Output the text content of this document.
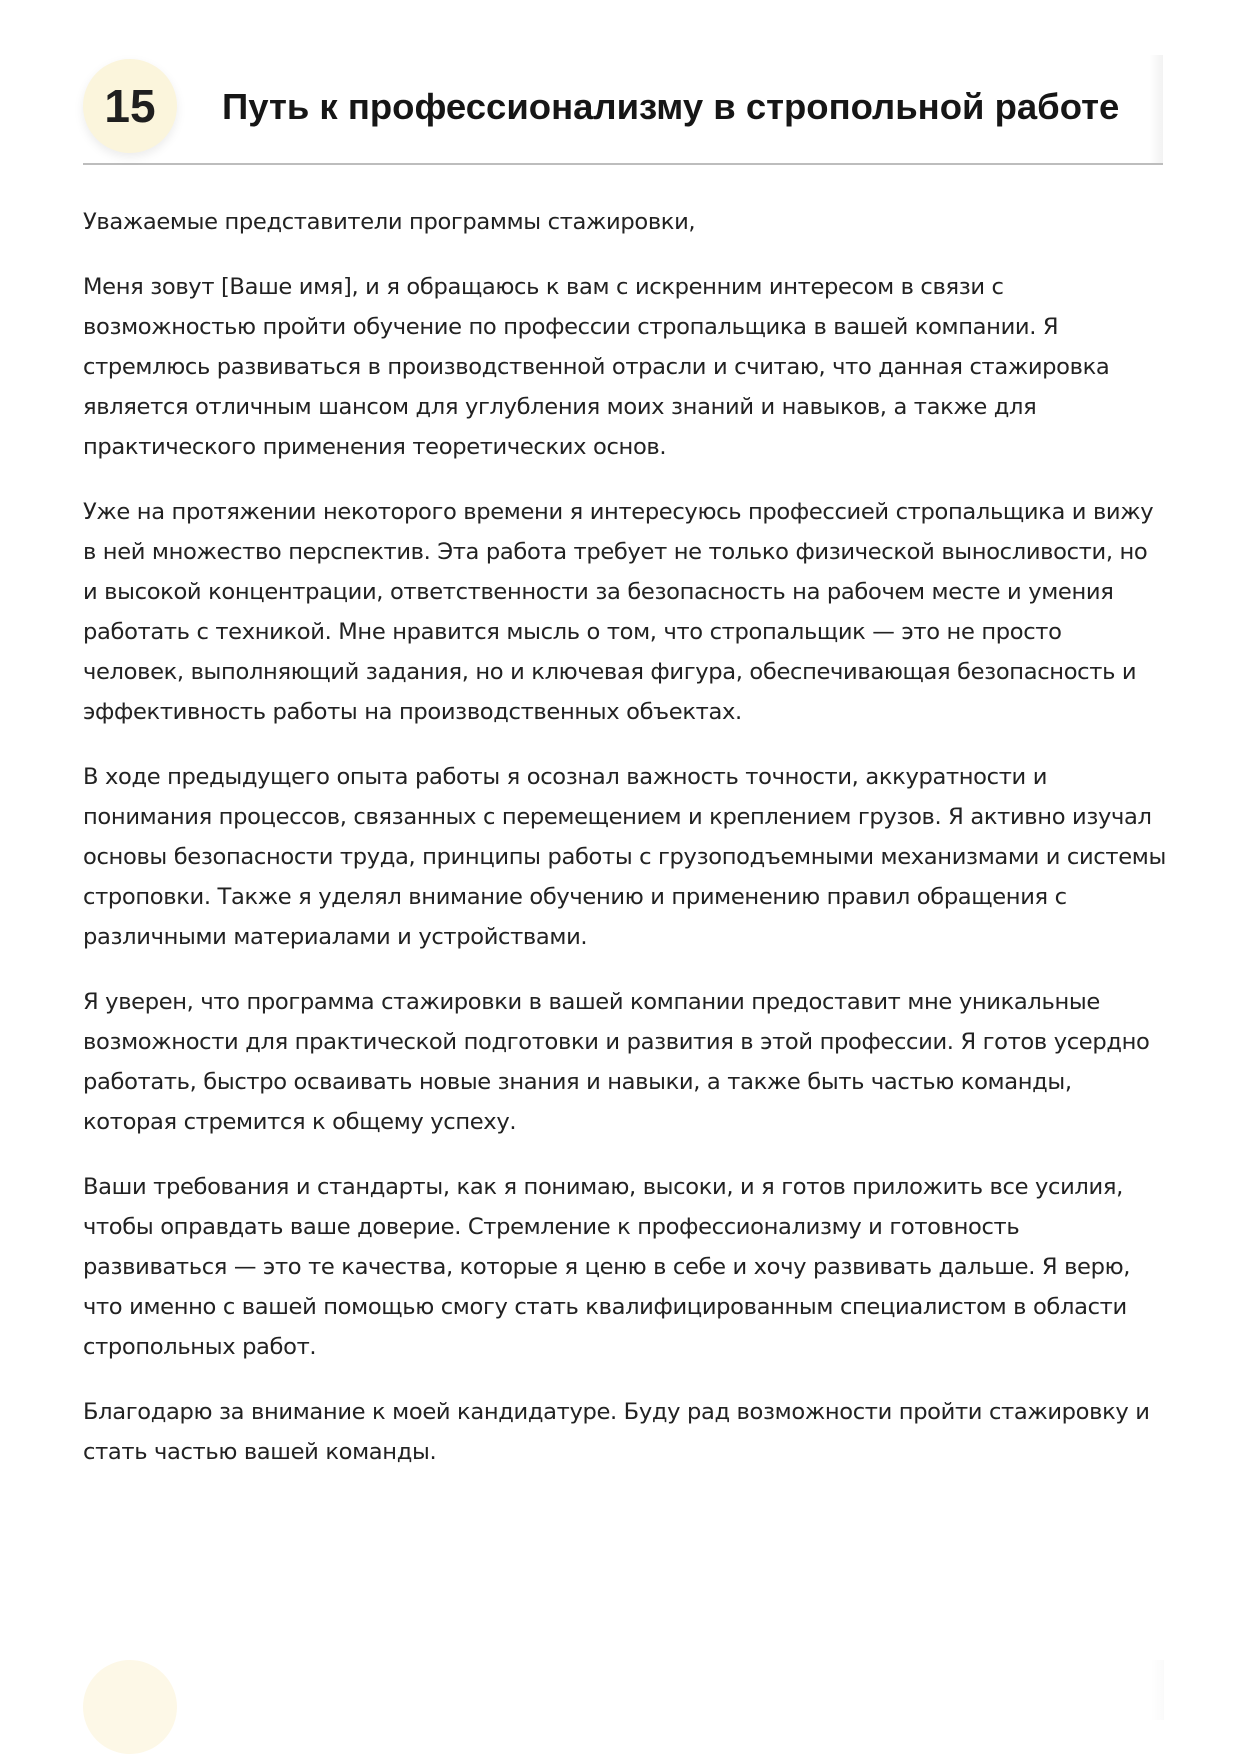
15	Путь к профессионализму в стропольной работе

Уважаемые представители программы стажировки,

Меня зовут [Ваше имя], и я обращаюсь к вам с искренним интересом в связи с возможностью пройти обучение по профессии стропальщика в вашей компании. Я стремлюсь развиваться в производственной отрасли и считаю, что данная стажировка является отличным шансом для углубления моих знаний и навыков, а также для практического применения теоретических основ.

Уже на протяжении некоторого времени я интересуюсь профессией стропальщика и вижу в ней множество перспектив. Эта работа требует не только физической выносливости, но и высокой концентрации, ответственности за безопасность на рабочем месте и умения работать с техникой. Мне нравится мысль о том, что стропальщик — это не просто человек, выполняющий задания, но и ключевая фигура, обеспечивающая безопасность и эффективность работы на производственных объектах.

В ходе предыдущего опыта работы я осознал важность точности, аккуратности и понимания процессов, связанных с перемещением и креплением грузов. Я активно изучал основы безопасности труда, принципы работы с грузоподъемными механизмами и системы строповки. Также я уделял внимание обучению и применению правил обращения с различными материалами и устройствами.

Я уверен, что программа стажировки в вашей компании предоставит мне уникальные возможности для практической подготовки и развития в этой профессии. Я готов усердно работать, быстро осваивать новые знания и навыки, а также быть частью команды, которая стремится к общему успеху.

Ваши требования и стандарты, как я понимаю, высоки, и я готов приложить все усилия, чтобы оправдать ваше доверие. Стремление к профессионализму и готовность развиваться — это те качества, которые я ценю в себе и хочу развивать дальше. Я верю, что именно с вашей помощью смогу стать квалифицированным специалистом в области стропольных работ.

Благодарю за внимание к моей кандидатуре. Буду рад возможности пройти стажировку и стать частью вашей команды.
